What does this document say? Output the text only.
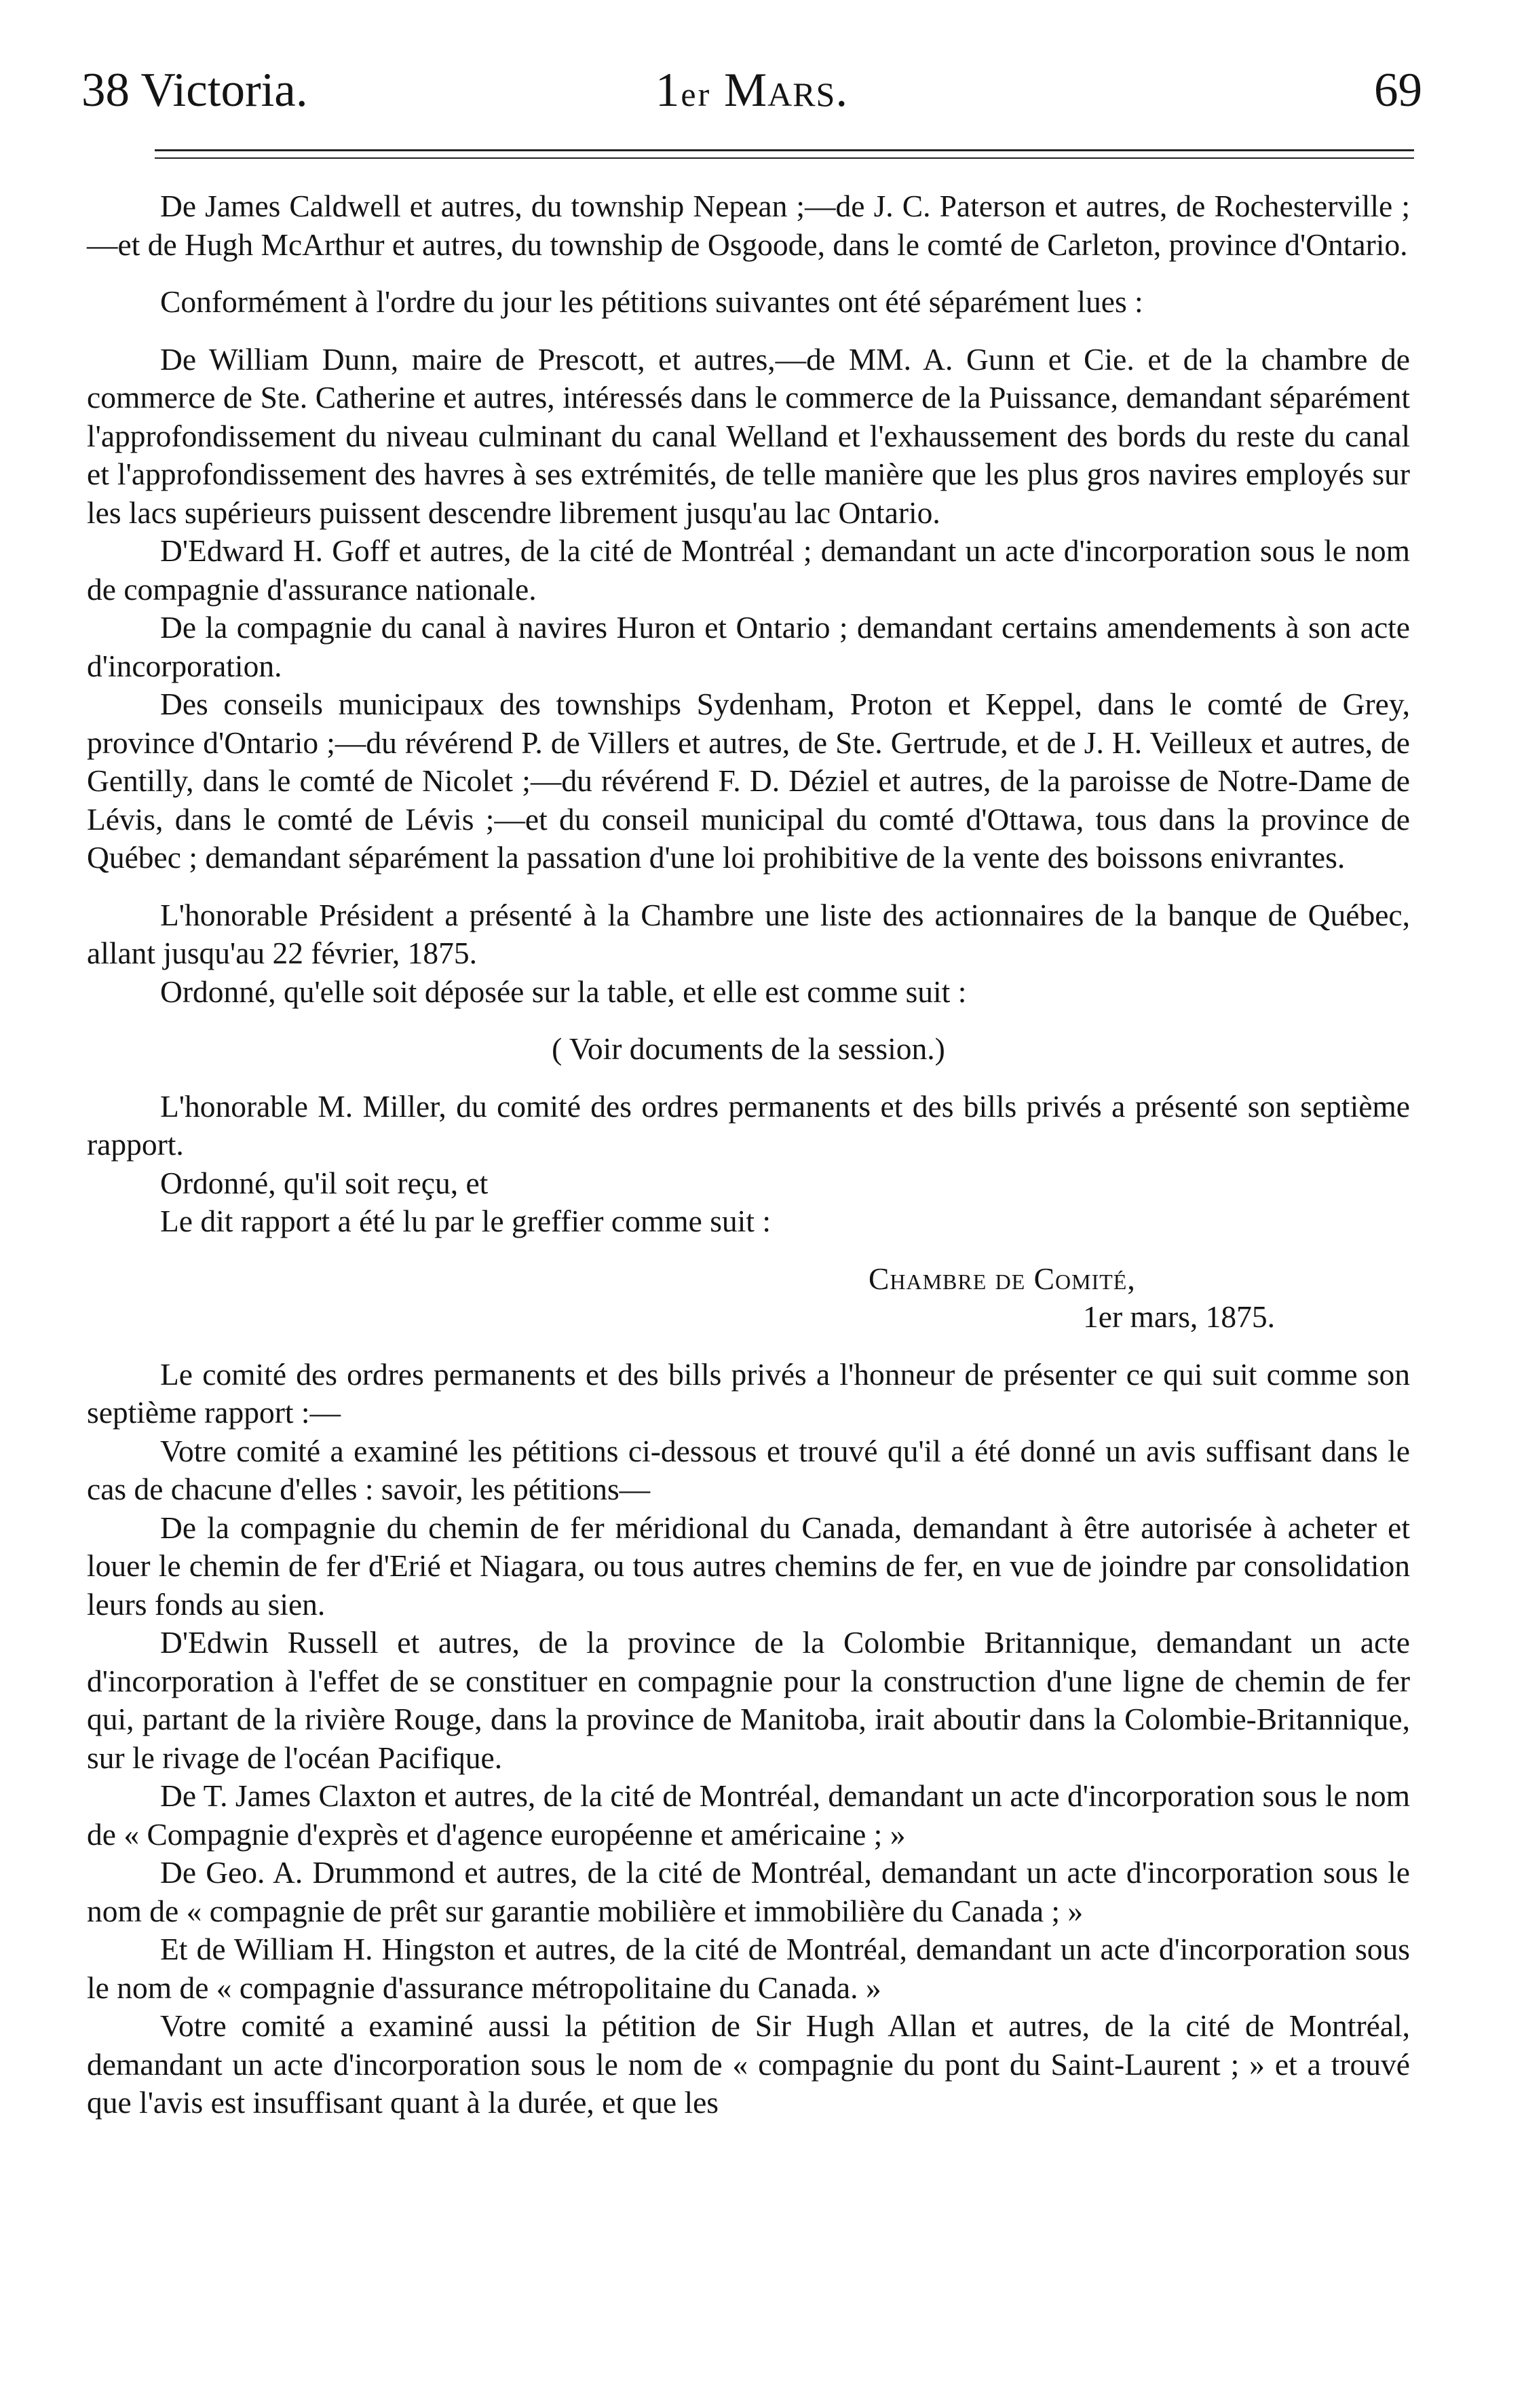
38 Victoria.	1er Mars.	69

De James Caldwell et autres, du township Nepean ;—de J. C. Paterson et autres, de Rochesterville ;—et de Hugh McArthur et autres, du township de Osgoode, dans le comté de Carleton, province d'Ontario.

Conformément à l'ordre du jour les pétitions suivantes ont été séparément lues :

De William Dunn, maire de Prescott, et autres,—de MM. A. Gunn et Cie. et de la chambre de commerce de Ste. Catherine et autres, intéressés dans le commerce de la Puissance, demandant séparément l'approfondissement du niveau culminant du canal Welland et l'exhaussement des bords du reste du canal et l'approfondissement des havres à ses extrémités, de telle manière que les plus gros navires employés sur les lacs supérieurs puissent descendre librement jusqu'au lac Ontario.

D'Edward H. Goff et autres, de la cité de Montréal ; demandant un acte d'incorporation sous le nom de compagnie d'assurance nationale.

De la compagnie du canal à navires Huron et Ontario ; demandant certains amendements à son acte d'incorporation.

Des conseils municipaux des townships Sydenham, Proton et Keppel, dans le comté de Grey, province d'Ontario ;—du révérend P. de Villers et autres, de Ste. Gertrude, et de J. H. Veilleux et autres, de Gentilly, dans le comté de Nicolet ;—du révérend F. D. Déziel et autres, de la paroisse de Notre-Dame de Lévis, dans le comté de Lévis ;—et du conseil municipal du comté d'Ottawa, tous dans la province de Québec ; demandant séparément la passation d'une loi prohibitive de la vente des boissons enivrantes.

L'honorable Président a présenté à la Chambre une liste des actionnaires de la banque de Québec, allant jusqu'au 22 février, 1875.

Ordonné, qu'elle soit déposée sur la table, et elle est comme suit :

( Voir documents de la session.)

L'honorable M. Miller, du comité des ordres permanents et des bills privés a présenté son septième rapport.

Ordonné, qu'il soit reçu, et

Le dit rapport a été lu par le greffier comme suit :

Chambre de Comité,

1er mars, 1875.

Le comité des ordres permanents et des bills privés a l'honneur de présenter ce qui suit comme son septième rapport :—

Votre comité a examiné les pétitions ci-dessous et trouvé qu'il a été donné un avis suffisant dans le cas de chacune d'elles : savoir, les pétitions—

De la compagnie du chemin de fer méridional du Canada, demandant à être autorisée à acheter et louer le chemin de fer d'Erié et Niagara, ou tous autres chemins de fer, en vue de joindre par consolidation leurs fonds au sien.

D'Edwin Russell et autres, de la province de la Colombie Britannique, demandant un acte d'incorporation à l'effet de se constituer en compagnie pour la construction d'une ligne de chemin de fer qui, partant de la rivière Rouge, dans la province de Manitoba, irait aboutir dans la Colombie-Britannique, sur le rivage de l'océan Pacifique.

De T. James Claxton et autres, de la cité de Montréal, demandant un acte d'incorporation sous le nom de « Compagnie d'exprès et d'agence européenne et américaine ; »

De Geo. A. Drummond et autres, de la cité de Montréal, demandant un acte d'incorporation sous le nom de « compagnie de prêt sur garantie mobilière et immobilière du Canada ; »

Et de William H. Hingston et autres, de la cité de Montréal, demandant un acte d'incorporation sous le nom de « compagnie d'assurance métropolitaine du Canada. »

Votre comité a examiné aussi la pétition de Sir Hugh Allan et autres, de la cité de Montréal, demandant un acte d'incorporation sous le nom de « compagnie du pont du Saint-Laurent ; » et a trouvé que l'avis est insuffisant quant à la durée, et que les
